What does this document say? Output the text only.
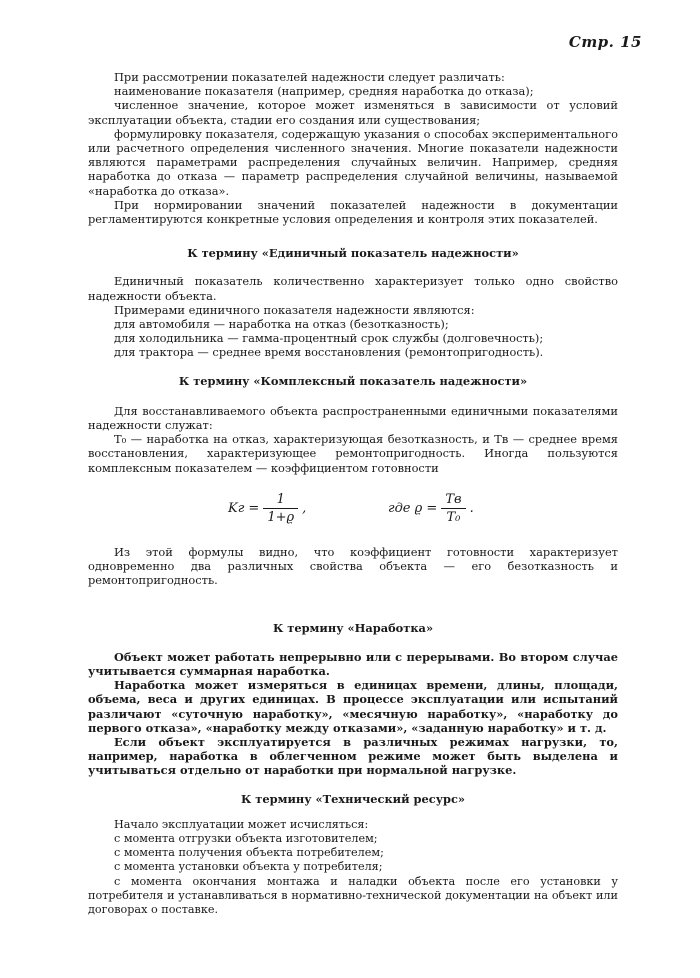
Стр. 15

При рассмотрении показателей надежности следует различать:

наименование показателя (например, средняя наработка до отказа);

численное значение, которое может изменяться в зависимости от условий эксплуатации объекта, стадии его создания или существования;

формулировку показателя, содержащую указания о способах экспериментального или расчетного определения численного значения. Многие показатели надежности являются параметрами распределения случайных величин. Например, средняя наработка до отказа — параметр распределения случайной величины, называемой «наработка до отказа».

При нормировании значений показателей надежности в документации регламентируются конкретные условия определения и контроля этих показателей.

К термину «Единичный показатель надежности»

Единичный показатель количественно характеризует только одно свойство надежности объекта.

Примерами единичного показателя надежности являются:

для автомобиля — наработка на отказ (безотказность);

для холодильника — гамма-процентный срок службы (долговечность);

для трактора — среднее время восстановления (ремонтопригодность).

К термину «Комплексный показатель надежности»

Для восстанавливаемого объекта распространенными единичными показателями надежности служат:

T₀ — наработка на отказ, характеризующая безотказность, и Tв — среднее время восстановления, характеризующее ремонтопригодность. Иногда пользуются комплексным показателем — коэффициентом готовности

Kг = $\frac{1}{1+ϱ}$ ,	где $ϱ = \frac{Tв}{\text{T₀}}$ .

Из этой формулы видно, что коэффициент готовности характеризует одновременно два различных свойства объекта — его безотказность и ремонтопригодность.

К термину «Наработка»

Объект может работать непрерывно или с перерывами. Во втором случае учитывается суммарная наработка.

Наработка может измеряться в единицах времени, длины, площади, объема, веса и других единицах. В процессе эксплуатации или испытаний различают «суточную наработку», «месячную наработку», «наработку до первого отказа», «наработку между отказами», «заданную наработку» и т. д.

Если объект эксплуатируется в различных режимах нагрузки, то, например, наработка в облегченном режиме может быть выделена и учитываться отдельно от наработки при нормальной нагрузке.

К термину «Технический ресурс»

Начало эксплуатации может исчисляться:

с момента отгрузки объекта изготовителем;

с момента получения объекта потребителем;

с момента установки объекта у потребителя;

с момента окончания монтажа и наладки объекта после его установки у потребителя и устанавливаться в нормативно-технической документации на объект или договорах о поставке.
